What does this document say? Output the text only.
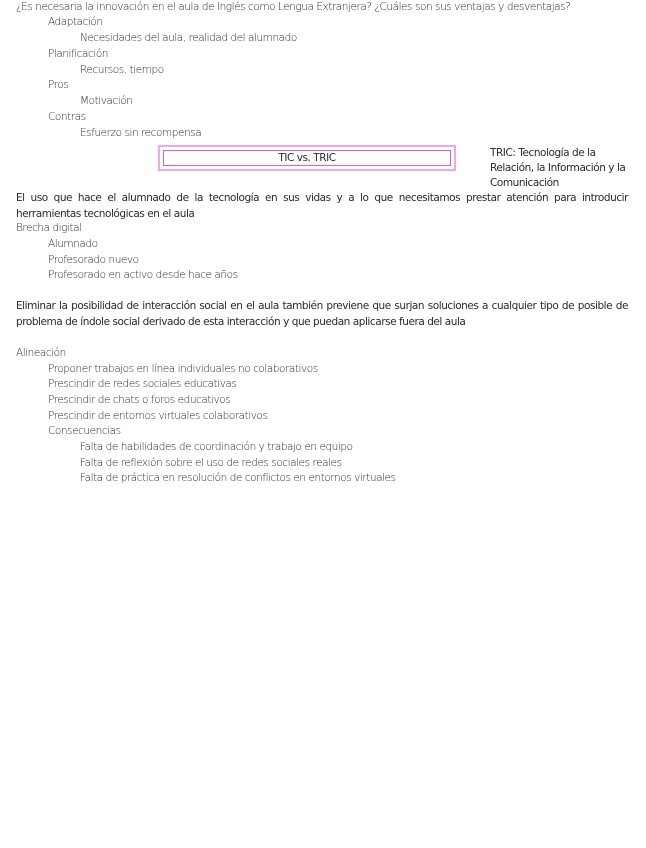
¿Es necesaria la innovación en el aula de Inglés como Lengua Extranjera? ¿Cuáles son sus ventajas y desventajas?
Adaptación
Necesidades del aula, realidad del alumnado
Planificación
Recursos, tiempo
Pros
Motivación
Contras
Esfuerzo sin recompensa
TIC vs. TRIC	TRIC: Tecnología de la Relación, la Información y la Comunicación
El uso que hace el alumnado de la tecnología en sus vidas y a lo que necesitamos prestar atención para introducir herramientas tecnológicas en el aula
Brecha digital
Alumnado
Profesorado nuevo
Profesorado en activo desde hace años
Eliminar la posibilidad de interacción social en el aula también previene que surjan soluciones a cualquier tipo de posible de problema de índole social derivado de esta interacción y que puedan aplicarse fuera del aula
Alineación
Proponer trabajos en línea individuales no colaborativos
Prescindir de redes sociales educativas
Prescindir de chats o foros educativos
Prescindir de entornos virtuales colaborativos
Consecuencias
Falta de habilidades de coordinación y trabajo en equipo
Falta de reflexión sobre el uso de redes sociales reales
Falta de práctica en resolución de conflictos en entornos virtuales
